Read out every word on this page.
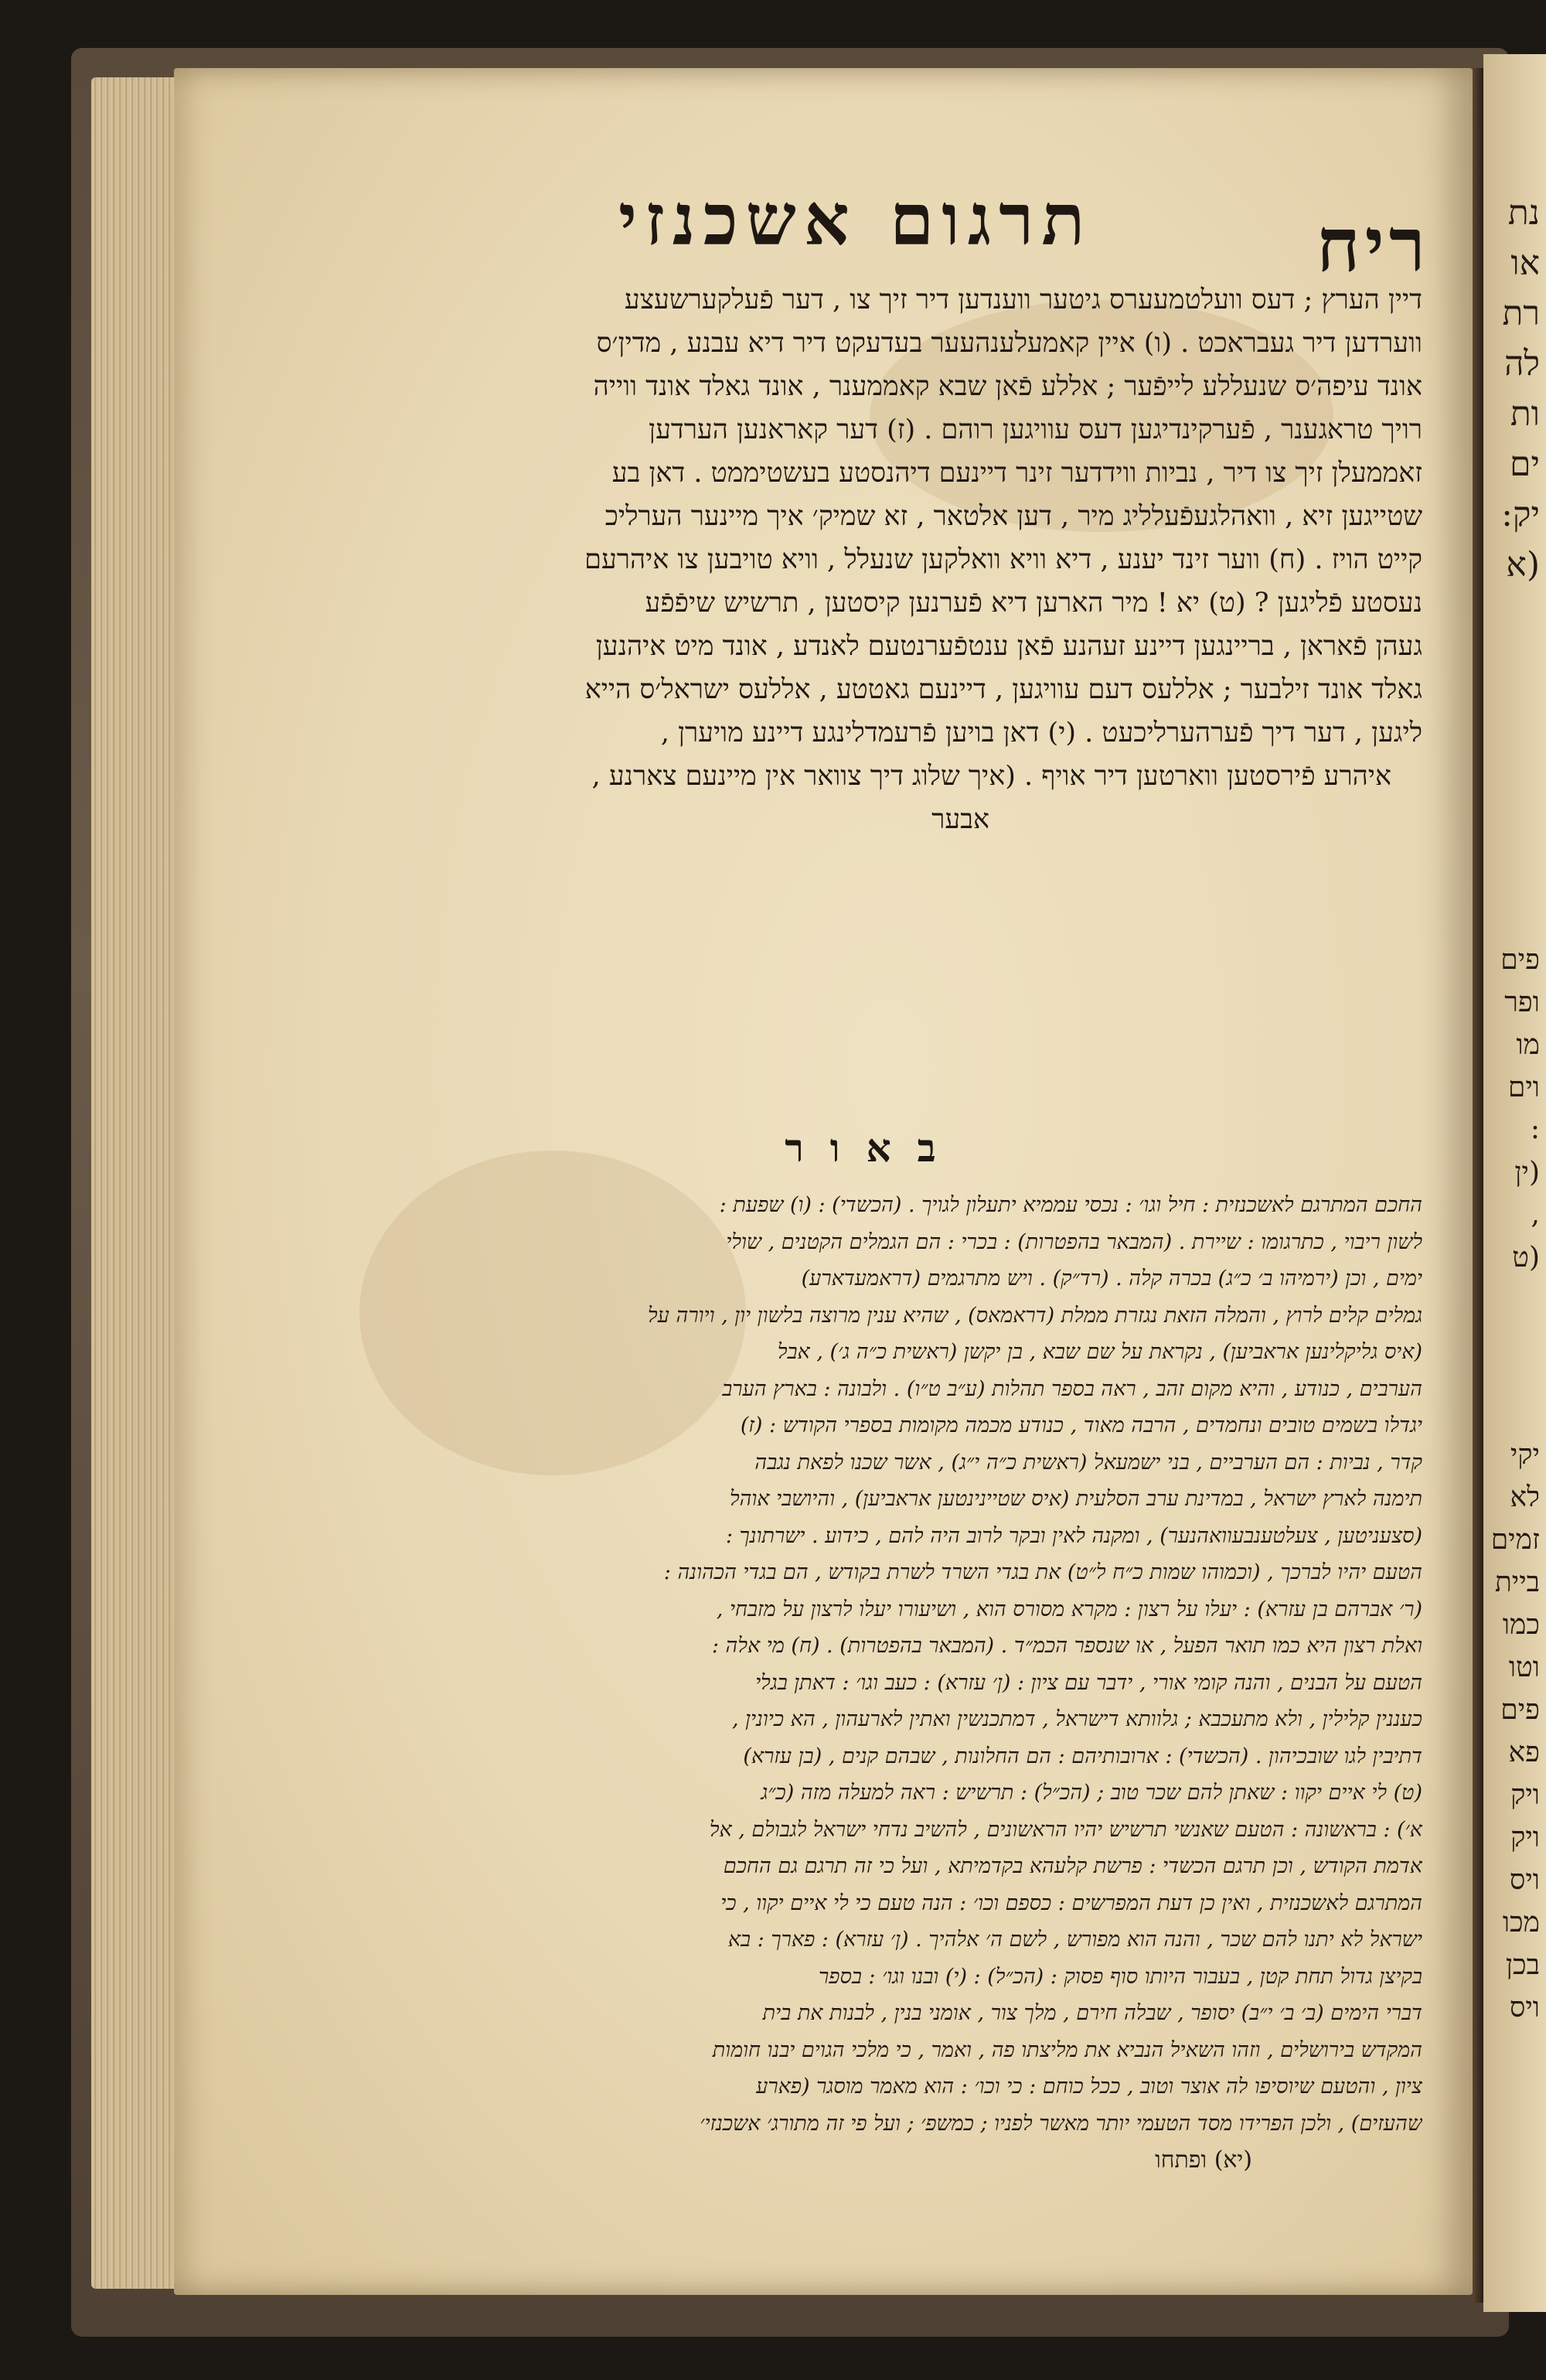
ריח
תרגום אשכנזי
דיין הערץ ; דעס וועלטמעערס גיטער ווענדען דיר זיך צו , דער פֿעלקערשעצע
ווערדען דיר געבראכט . (ו) איין קאמעלענהעער בעדעקט דיר דיא עבנע , מדין׳ס
אונד עיפה׳ס שנעללע לייפֿער ; אללע פֿאן שבא קאממענר , אונד גאלד אונד ווייה
רויך טראגענר , פֿערקינדיגען דעס עוויגען רוהם . (ז) דער קאראנען הערדען
זאממעלן זיך צו דיר , נביות ווידדער זינר דיינעם דיהנסטע בעשטיממט . דאן בע
שטייגען זיא , וואהלגעפֿעלליג מיר , דען אלטאר , זא שמיק׳ איך מיינער הערליכ
קייט הויז . (ח) ווער זינד יענע , דיא וויא וואלקען שנעלל , וויא טויבען צו איהרעם
נעסטע פֿליגען ? (ט) יא ! מיר הארען דיא פֿערנען קיסטען , תרשיש שיפֿפֿע
געהן פֿאראן , בריינגען דיינע זעהנע פֿאן ענטפֿערנטעם לאנדע , אונד מיט איהנען
גאלד אונד זילבער ; אללעס דעם עוויגען , דיינעם גאטטע , אללעס ישראל׳ס הייא
ליגען , דער דיך פֿערהערליכעט . (י) דאן בויען פֿרעמדלינגע דיינע מויערן ,
איהרע פֿירסטען ווארטען דיר אויף . (איך שלוג דיך צוואר אין מיינעם צארנע ,
אבער
באור
החכם המתרגם לאשכנזית : חיל וגו׳ : נכסי עממיא יתעלון לגויך . (הכשדי) : (ו) שפעת :
לשון ריבוי , כתרגומו : שיירת . (המבאר בהפטרות) : בכרי : הם הגמלים הקטנים , שולי
ימים , וכן (ירמיהו ב׳ כ״ג) בכרה קלה . (רד״ק) . ויש מתרגמים (דראמעדארע)
גמלים קלים לרוץ , והמלה הזאת נגזרת ממלת (דראמאס) , שהיא ענין מרוצה בלשון יון , ויורה על
(איס גליקלינען אראביען) , נקראת על שם שבא , בן יקשן (ראשית כ״ה ג׳) , אבל
הערבים , כנודע , והיא מקום זהב , ראה בספר תהלות (ע״ב ט״ו) . ולבונה : בארץ הערב
יגדלו בשמים טובים ונחמדים , הרבה מאוד , כנודע מכמה מקומות בספרי הקודש : (ז)
קדר , נביות : הם הערביים , בני ישמעאל (ראשית כ״ה י״ג) , אשר שכנו לפאת נגבה
תימנה לארץ ישראל , במדינת ערב הסלעית (איס שטיינינטען אראביען) , והיושבי אוהל
(סצעניטען , צעלטענבעוואהנער) , ומקנה לאין ובקר לרוב היה להם , כידוע . ישרתונך :
הטעם יהיו לברכך , (וכמוהו שמות כ״ח ל״ט) את בגדי השרד לשרת בקודש , הם בגדי הכהונה :
(ר׳ אברהם בן עזרא) : יעלו על רצון : מקרא מסורס הוא , ושיעורו יעלו לרצון על מזבחי ,
ואלת רצון היא כמו תואר הפעל , או שנספר הכמ״ד . (המבאר בהפטרות) . (ח) מי אלה :
הטעם על הבנים , והנה קומי אורי , ידבר עם ציון : (ן׳ עזרא) : כעב וגו׳ : דאתן בגלי
כעננין קלילין , ולא מתעכבא ; גלוותא דישראל , דמתכנשין ואתין לארעהון , הא כיונין ,
דתיבין לגו שובכיהון . (הכשדי) : ארובותיהם : הם החלונות , שבהם קנים , (בן עזרא)
(ט) לי איים יקוו : שאתן להם שכר טוב ; (הכ״ל) : תרשיש : ראה למעלה מזה (כ״ג
א׳) : בראשונה : הטעם שאנשי תרשיש יהיו הראשונים , להשיב נדחי ישראל לגבולם , אל
אדמת הקודש , וכן תרגם הכשדי : פרשת קלעהא בקדמיתא , ועל כי זה תרגם גם החכם
המתרגם לאשכנזית , ואין כן דעת המפרשים : כספם וכו׳ : הנה טעם כי לי איים יקוו , כי
ישראל לא יתנו להם שכר , והנה הוא מפורש , לשם ה׳ אלהיך . (ן׳ עזרא) : פארך : בא
בקיצן גדול תחת קטן , בעבור היותו סוף פסוק : (הכ״ל) : (י) ובנו וגו׳ : בספר
דברי הימים (ב׳ ב׳ י״ב) יסופר , שבלה חירם , מלך צור , אומני בנין , לבנות את בית
המקדש בירושלים , וזהו השאיל הנביא את מליצתו פה , ואמר , כי מלכי הגוים יבנו חומות
ציון , והטעם שיוסיפו לה אוצר וטוב , ככל כוחם : כי וכו׳ : הוא מאמר מוסגר (פארע
שהעזים) , ולכן הפרידו מסד הטעמי יותר מאשר לפניו ; כמשפ׳ ; ועל פי זה מתורג׳ אשכנזי׳
(יא) ופתחו
נת
או
רת
לה
ות
ים
יק:
(א
פים
ופר
מו
וים
:
(ין
,
(ט
יקי
לא
זמים
ביית
כמו
וטו
פים
פא
ויק
ויק
ויס
מכו
בכן
ויס
